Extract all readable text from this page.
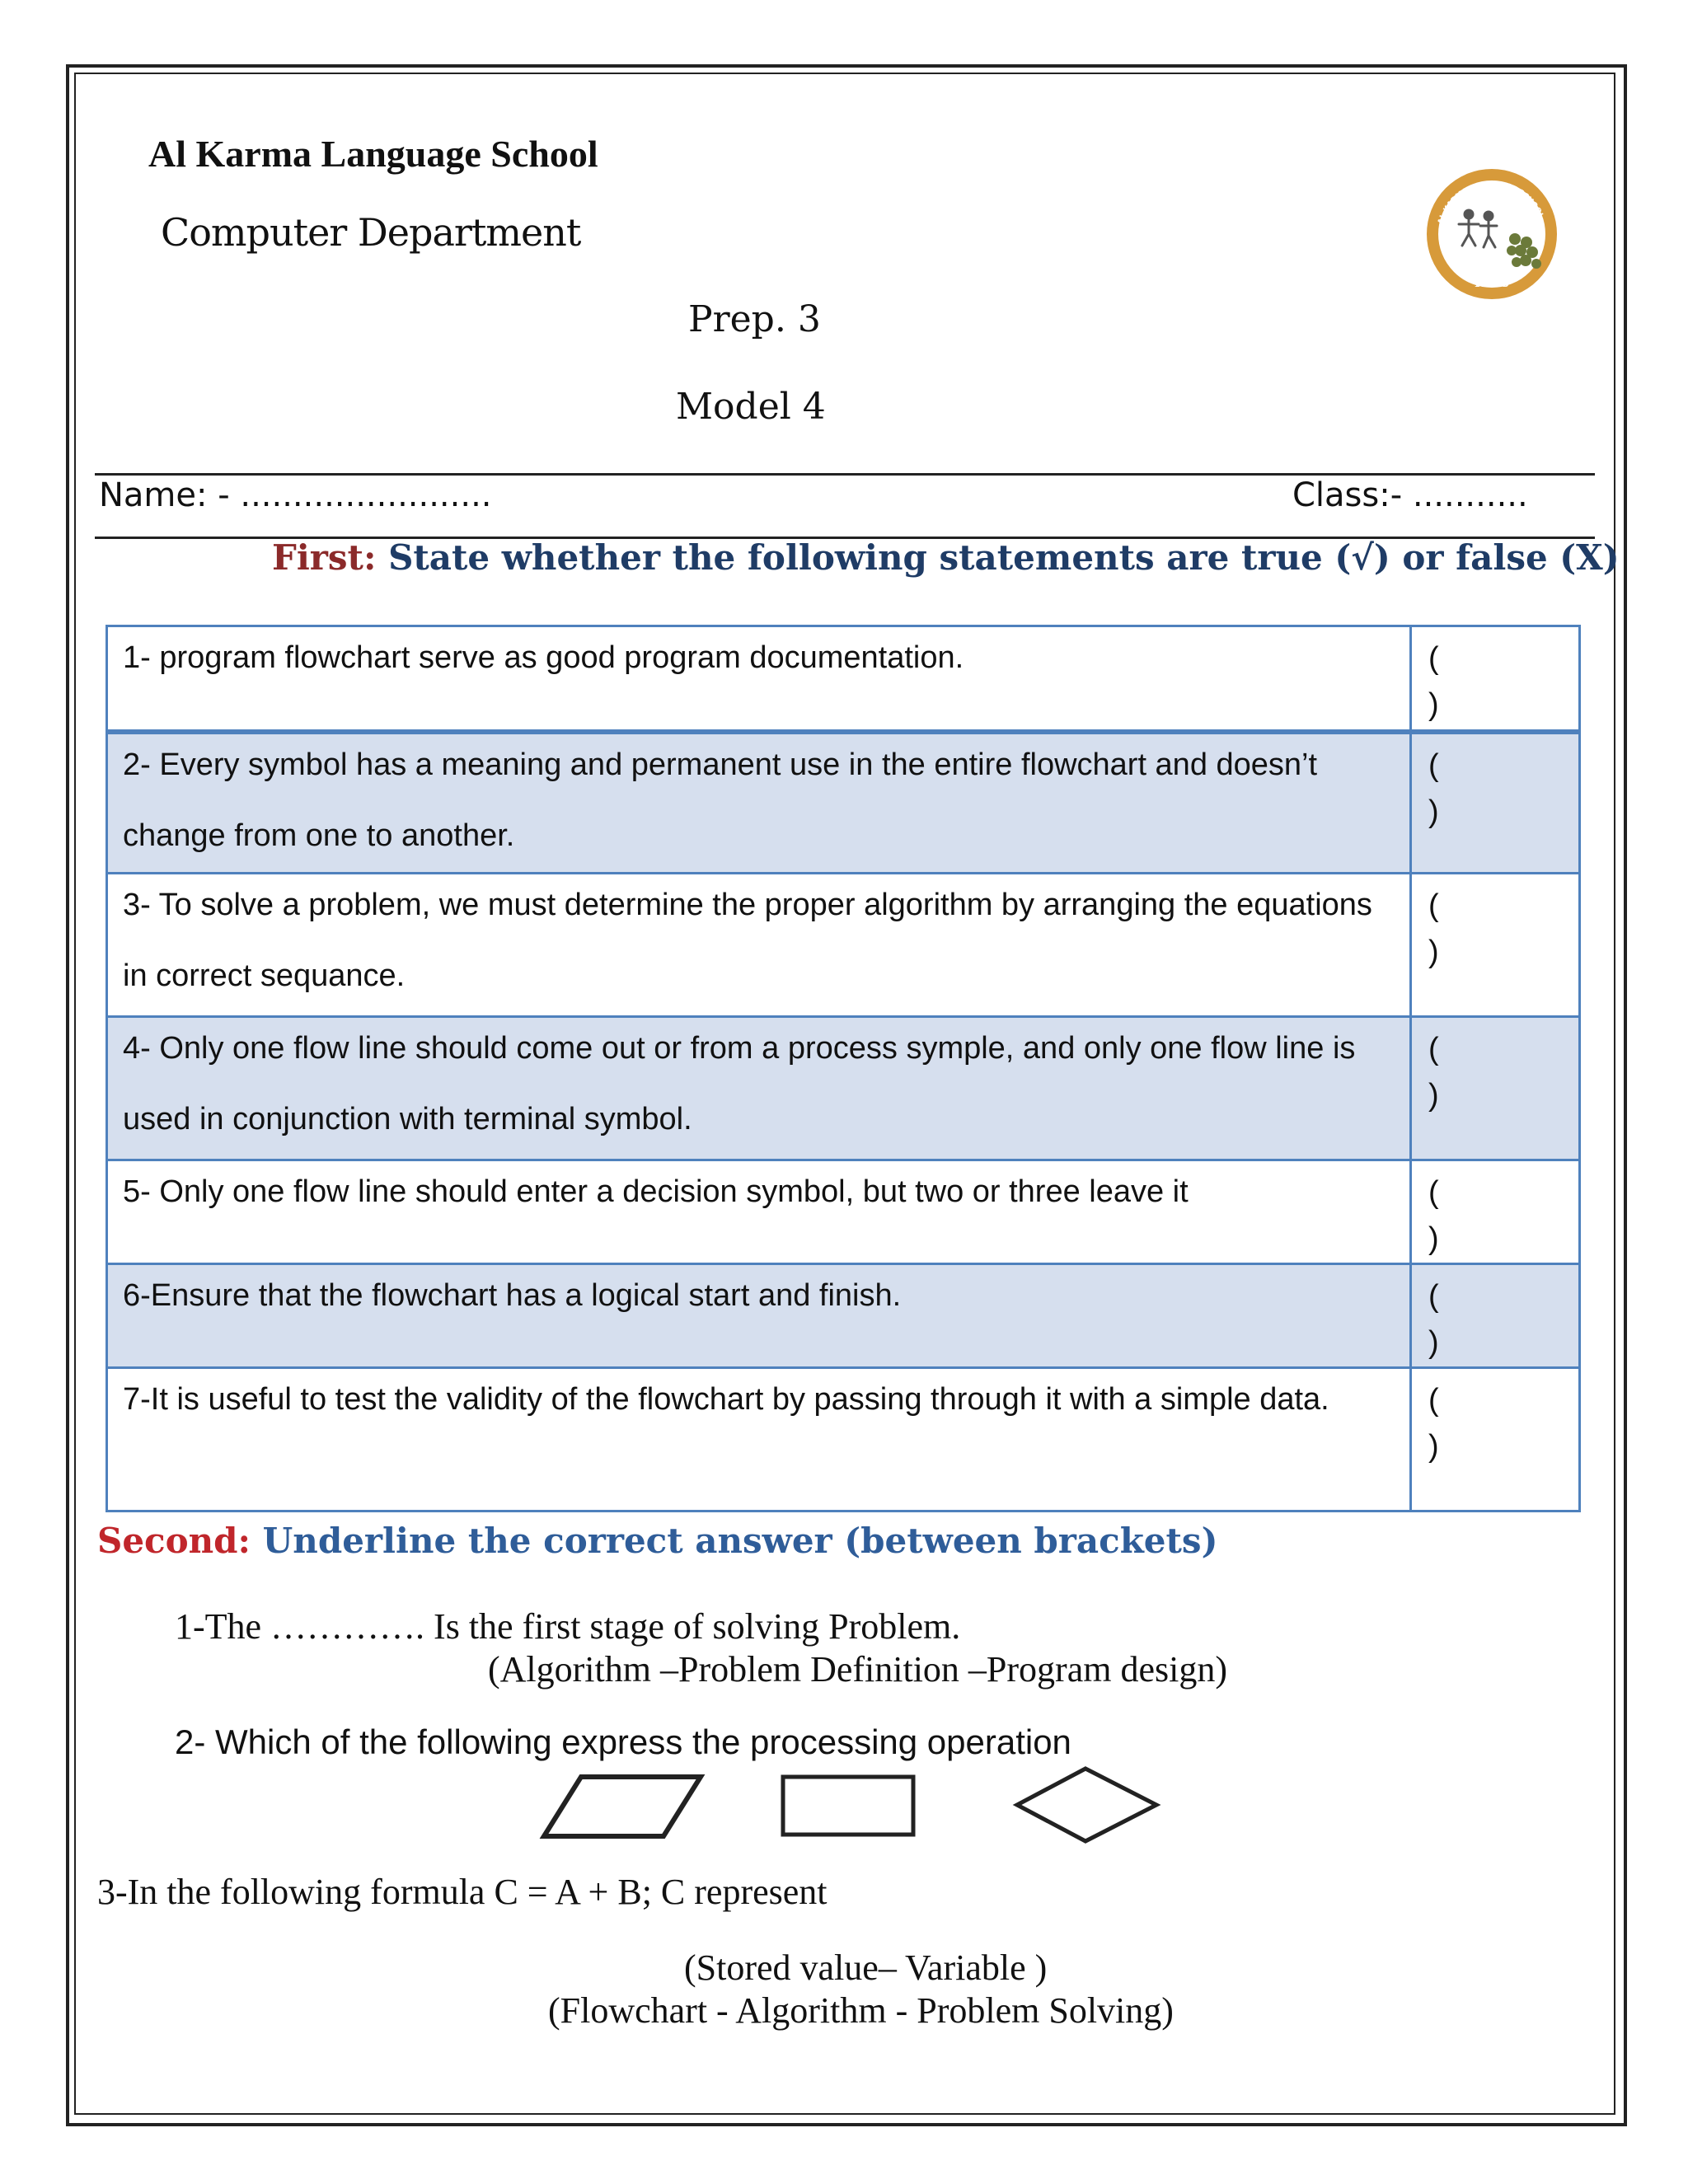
Al Karma Language School
Computer Department
Prep. 3
Model 4
AL KARMA LANGUAGE SCHOOL
K.L.S
Name: - ........................	Class:- ...........
First: State whether the following statements are true (√) or false (X)
1- program flowchart serve as good program documentation.	(
)

2- Every symbol has a meaning and permanent use in the entire flowchart and doesn’t change from one to another.	(
)

3- To solve a problem, we must determine the proper algorithm by arranging the equations in correct sequance.	(
)

4- Only one flow line should come out or from a process symple, and only one flow line is used in conjunction with terminal symbol.	(
)

5- Only one flow line should enter a decision symbol, but two or three leave it	(
)

6-Ensure that the flowchart has a logical start and finish.	(
)

7-It is useful to test the validity of the flowchart by passing through it with a simple data.	(
)
Second: Underline the correct answer (between brackets)
1-The …………. Is the first stage of solving Problem.
(Algorithm –Problem Definition –Program design)
2- Which of the following express the processing operation
3-In the following formula C = A + B; C represent
(Stored value– Variable )
(Flowchart - Algorithm - Problem Solving)
